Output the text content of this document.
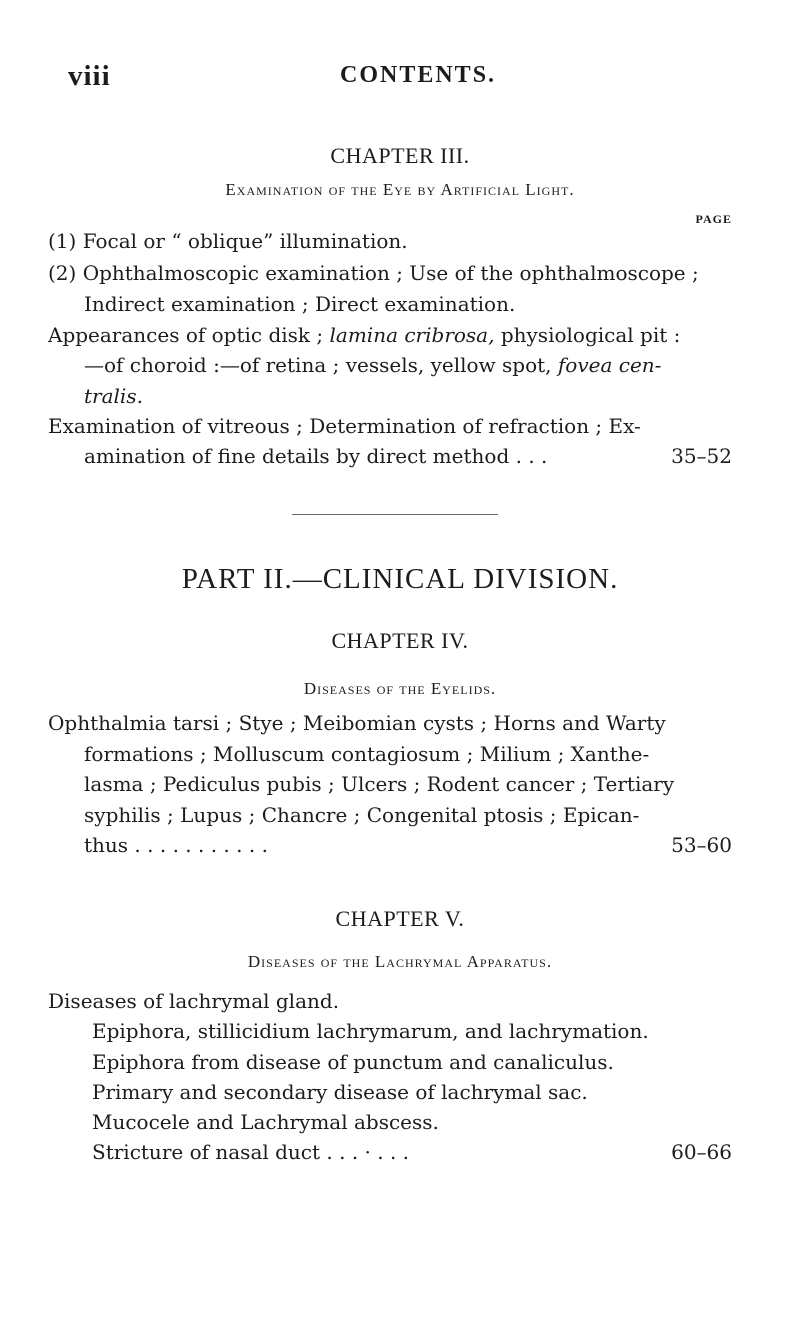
viii	CONTENTS.
CHAPTER III.
Examination of the Eye by Artificial Light.
PAGE
(1) Focal or “ oblique” illumination.
(2) Ophthalmoscopic examination ; Use of the ophthalmoscope ;
Indirect examination ; Direct examination.
Appearances of optic disk ; lamina cribrosa, physiological pit :
—of choroid :—of retina ; vessels, yellow spot, fovea cen-
tralis.
Examination of vitreous ; Determination of refraction ; Ex-
amination of fine details by direct method . . .	35–52
PART II.—CLINICAL DIVISION.
CHAPTER IV.
Diseases of the Eyelids.
Ophthalmia tarsi ; Stye ; Meibomian cysts ; Horns and Warty
formations ; Molluscum contagiosum ; Milium ; Xanthe-
lasma ; Pediculus pubis ; Ulcers ; Rodent cancer ; Tertiary
syphilis ; Lupus ; Chancre ; Congenital ptosis ; Epican-
thus . . . . . . . . . . .	53–60
CHAPTER V.
Diseases of the Lachrymal Apparatus.
Diseases of lachrymal gland.
Epiphora, stillicidium lachrymarum, and lachrymation.
Epiphora from disease of punctum and canaliculus.
Primary and secondary disease of lachrymal sac.
Mucocele and Lachrymal abscess.
Stricture of nasal duct . . . · . . .	60–66
